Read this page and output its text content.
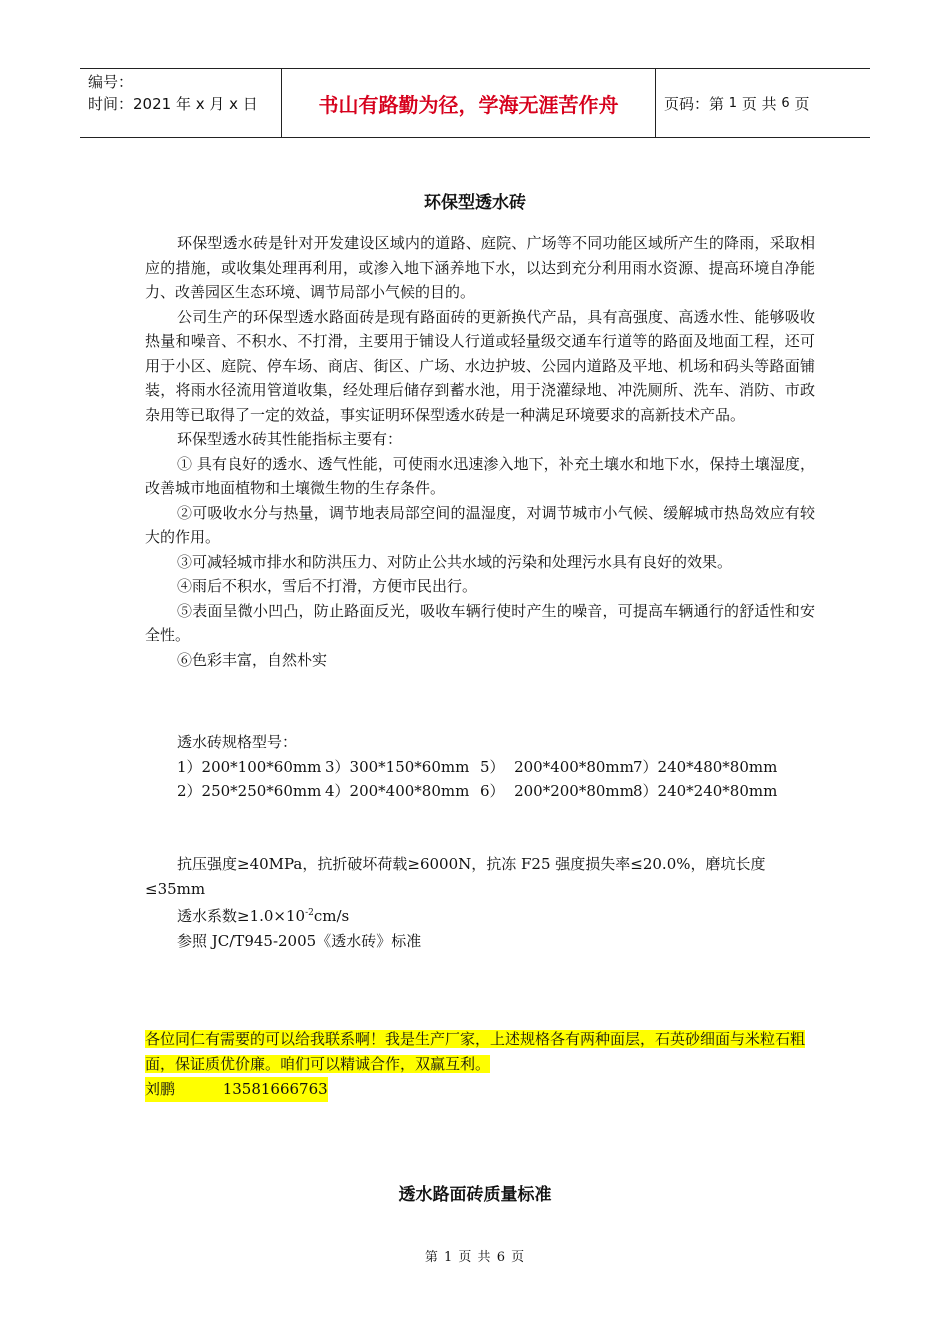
编号：
时间：2021 年 x 月 x 日	书山有路勤为径，学海无涯苦作舟	页码：第
1
页 共
6
页
环保型透水砖

环保型透水砖是针对开发建设区域内的道路、庭院、广场等不同功能区域所产生的降雨，采取相应的措施，或收集处理再利用，或渗入地下涵养地下水，以达到充分利用雨水资源、提高环境自净能力、改善园区生态环境、调节局部小气候的目的。

公司生产的环保型透水路面砖是现有路面砖的更新换代产品，具有高强度、高透水性、能够吸收热量和噪音、不积水、不打滑，主要用于铺设人行道或轻量级交通车行道等的路面及地面工程，还可用于小区、庭院、停车场、商店、街区、广场、水边护坡、公园内道路及平地、机场和码头等路面铺装，将雨水径流用管道收集，经处理后储存到蓄水池，用于浇灌绿地、冲洗厕所、洗车、消防、市政杂用等已取得了一定的效益，事实证明环保型透水砖是一种满足环境要求的高新技术产品。

环保型透水砖其性能指标主要有：

① 具有良好的透水、透气性能，可使雨水迅速渗入地下，补充土壤水和地下水，保持土壤湿度，改善城市地面植物和土壤微生物的生存条件。

②可吸收水分与热量，调节地表局部空间的温湿度，对调节城市小气候、缓解城市热岛效应有较大的作用。

③可减轻城市排水和防洪压力、对防止公共水域的污染和处理污水具有良好的效果。

④雨后不积水，雪后不打滑，方便市民出行。

⑤表面呈微小凹凸，防止路面反光，吸收车辆行使时产生的噪音，可提高车辆通行的舒适性和安全性。

⑥色彩丰富，自然朴实

透水砖规格型号：
1）200*100*60mm 3）300*150*60mm 5）  200*400*80mm 7）240*480*80mm
2）250*250*60mm 4）200*400*80mm 6）  200*200*80mm 8）240*240*80mm

抗压强度≥40MPa，抗折破坏荷载≥6000N，抗冻 F25 强度损失率≤20.0%，磨坑长度≤35mm

透水系数$\ge 1.0\times 10^{-2}cm/s$

参照 JC/T945-2005《透水砖》标准

各位同仁有需要的可以给我联系啊！我是生产厂家，上述规格各有两种面层，石英砂细面与米粒石粗面，保证质优价廉。咱们可以精诚合作，双赢互利。
刘鹏	13581666763
透水路面砖质量标准
第 1 页 共 6 页
